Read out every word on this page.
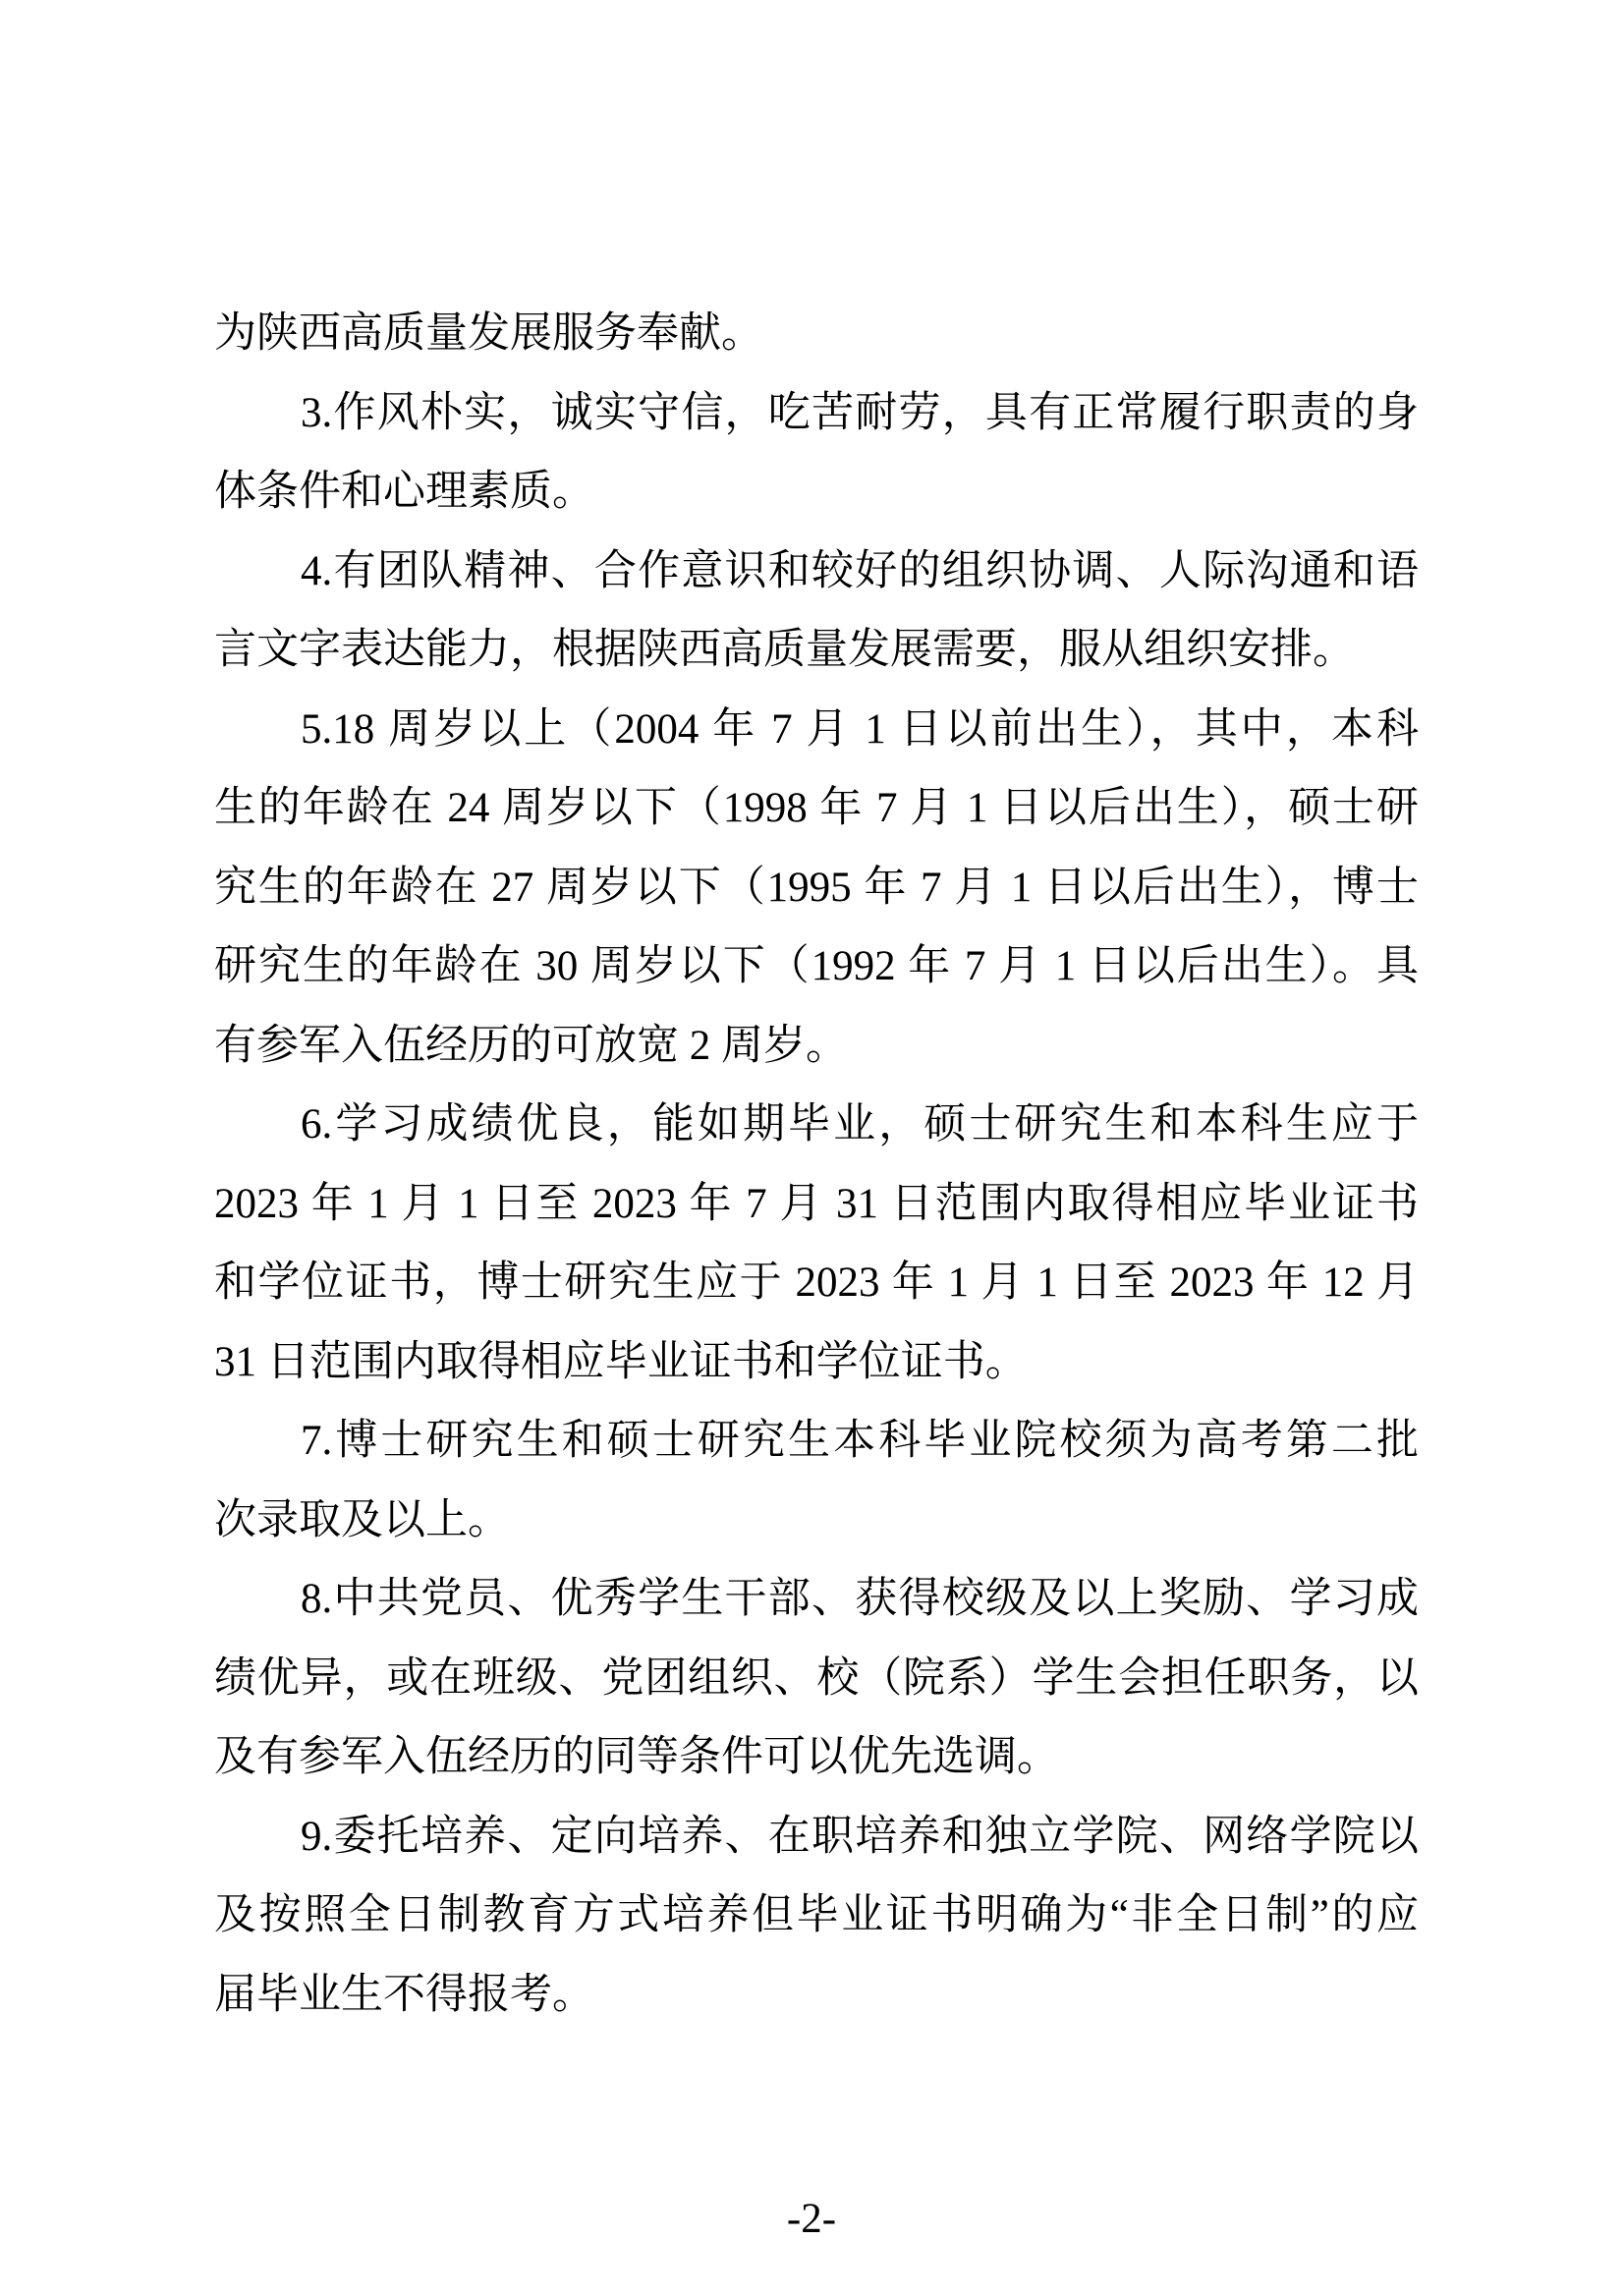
为陕西高质量发展服务奉献。
3.作风朴实，诚实守信，吃苦耐劳，具有正常履行职责的身
体条件和心理素质。
4.有团队精神、合作意识和较好的组织协调、人际沟通和语
言文字表达能力，根据陕西高质量发展需要，服从组织安排。
5.18 周岁以上（2004 年 7 月 1 日以前出生），其中，本科
生的年龄在 24 周岁以下（1998 年 7 月 1 日以后出生），硕士研
究生的年龄在 27 周岁以下（1995 年 7 月 1 日以后出生），博士
研究生的年龄在 30 周岁以下（1992 年 7 月 1 日以后出生）。具
有参军入伍经历的可放宽 2 周岁。
6.学习成绩优良，能如期毕业，硕士研究生和本科生应于
2023 年 1 月 1 日至 2023 年 7 月 31 日范围内取得相应毕业证书
和学位证书，博士研究生应于 2023 年 1 月 1 日至 2023 年 12 月
31 日范围内取得相应毕业证书和学位证书。
7.博士研究生和硕士研究生本科毕业院校须为高考第二批
次录取及以上。
8.中共党员、优秀学生干部、获得校级及以上奖励、学习成
绩优异，或在班级、党团组织、校（院系）学生会担任职务，以
及有参军入伍经历的同等条件可以优先选调。
9.委托培养、定向培养、在职培养和独立学院、网络学院以
及按照全日制教育方式培养但毕业证书明确为“非全日制”的应
届毕业生不得报考。
-2-
